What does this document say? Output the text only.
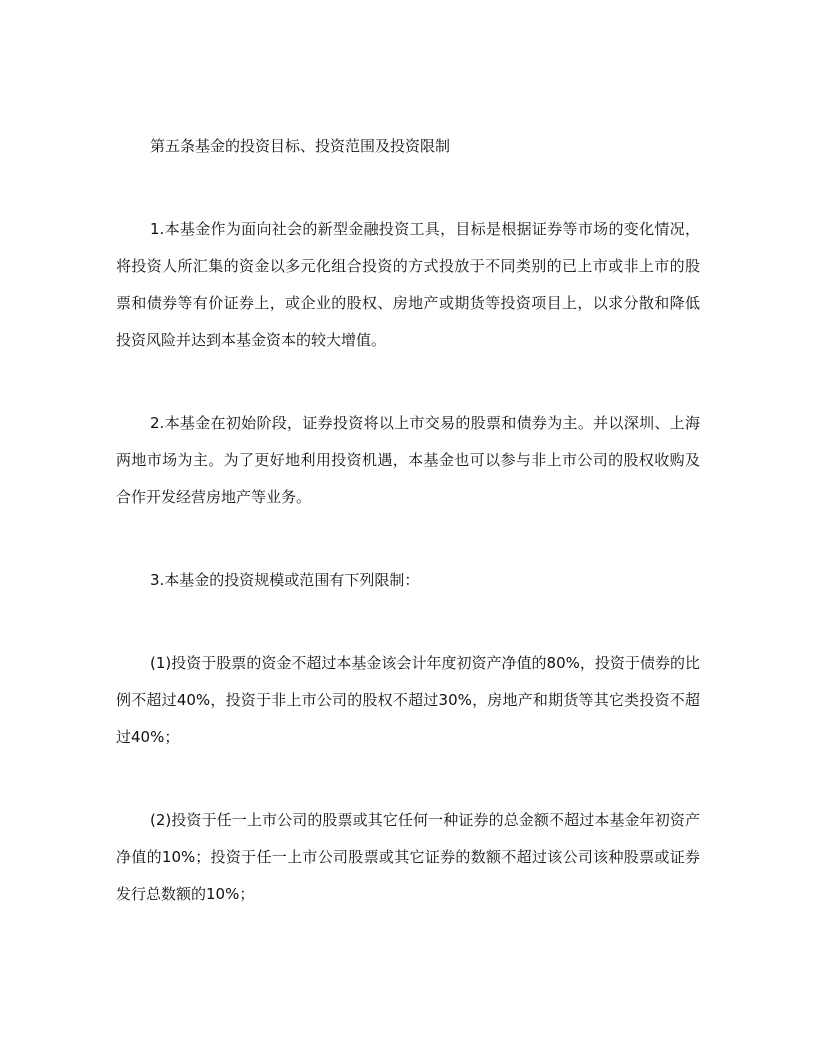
第五条基金的投资目标、投资范围及投资限制

1.本基金作为面向社会的新型金融投资工具，目标是根据证券等市场的变化情况，将投资人所汇集的资金以多元化组合投资的方式投放于不同类别的已上市或非上市的股票和债券等有价证券上，或企业的股权、房地产或期货等投资项目上，以求分散和降低投资风险并达到本基金资本的较大增值。

2.本基金在初始阶段，证券投资将以上市交易的股票和债券为主。并以深圳、上海两地市场为主。为了更好地利用投资机遇，本基金也可以参与非上市公司的股权收购及合作开发经营房地产等业务。

3.本基金的投资规模或范围有下列限制：

(1)投资于股票的资金不超过本基金该会计年度初资产净值的80%，投资于债券的比例不超过40%，投资于非上市公司的股权不超过30%，房地产和期货等其它类投资不超过40%；

(2)投资于任一上市公司的股票或其它任何一种证券的总金额不超过本基金年初资产净值的10%；投资于任一上市公司股票或其它证券的数额不超过该公司该种股票或证券发行总数额的10%；
